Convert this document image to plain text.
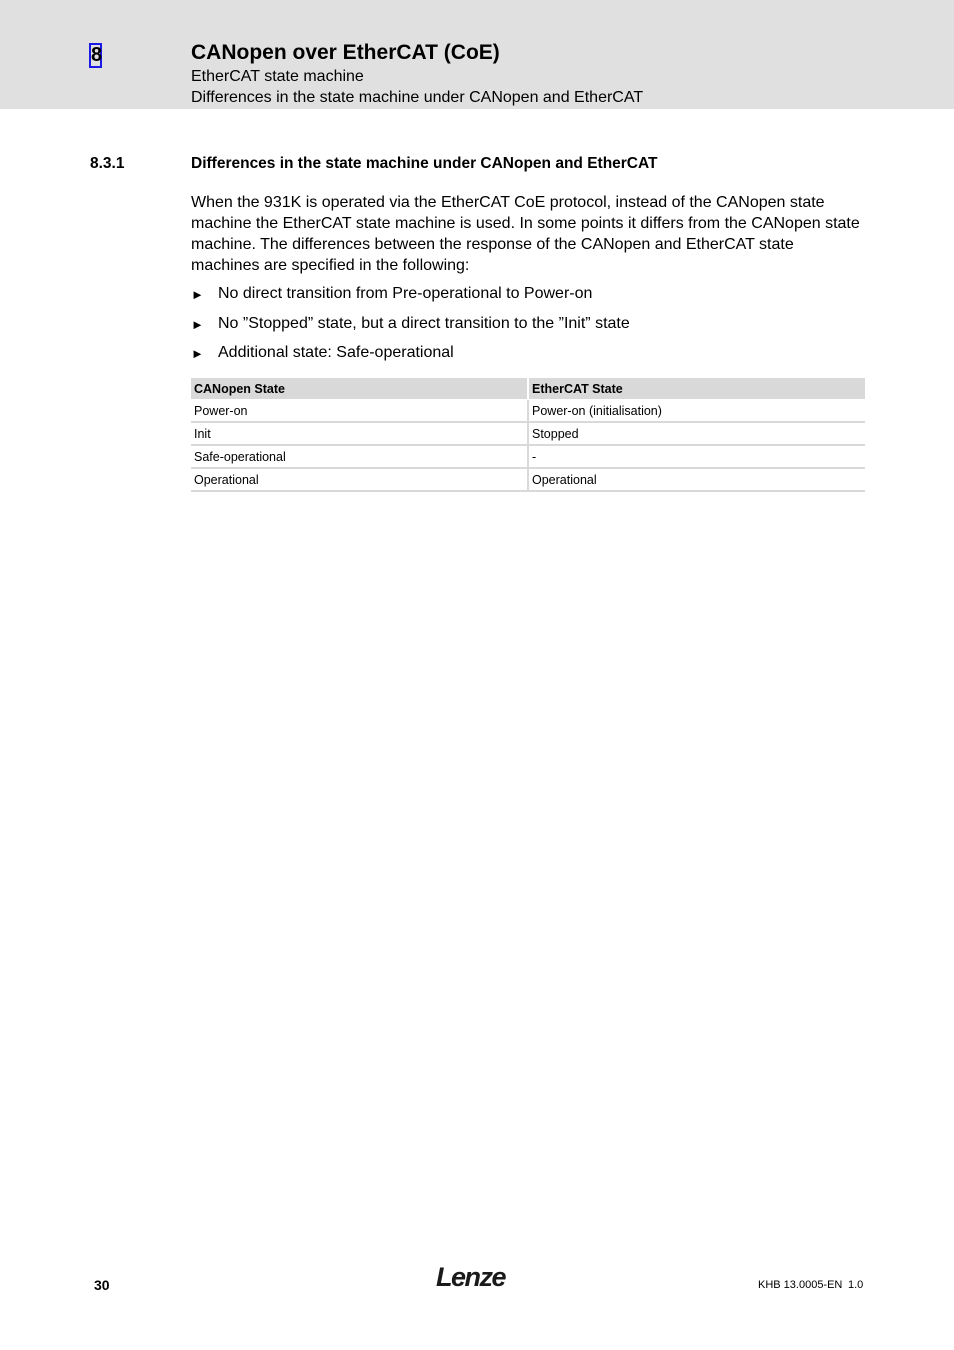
8	CANopen over EtherCAT (CoE)
EtherCAT state machine
Differences in the state machine under CANopen and EtherCAT
8.3.1	Differences in the state machine under CANopen and EtherCAT

When the 931K is operated via the EtherCAT CoE protocol, instead of the CANopen state machine the EtherCAT state machine is used. In some points it differs from the CANopen state machine. The differences between the response of the CANopen and EtherCAT state machines are specified in the following:

► No direct transition from Pre-operational to Power-on
► No ”Stopped” state, but a direct transition to the ”Init” state
► Additional state: Safe-operational
CANopen State	EtherCAT State
Power-on	Power-on (initialisation)
Init	Stopped
Safe-operational	-
Operational	Operational
30	Lenze	KHB 13.0005-EN 1.0
